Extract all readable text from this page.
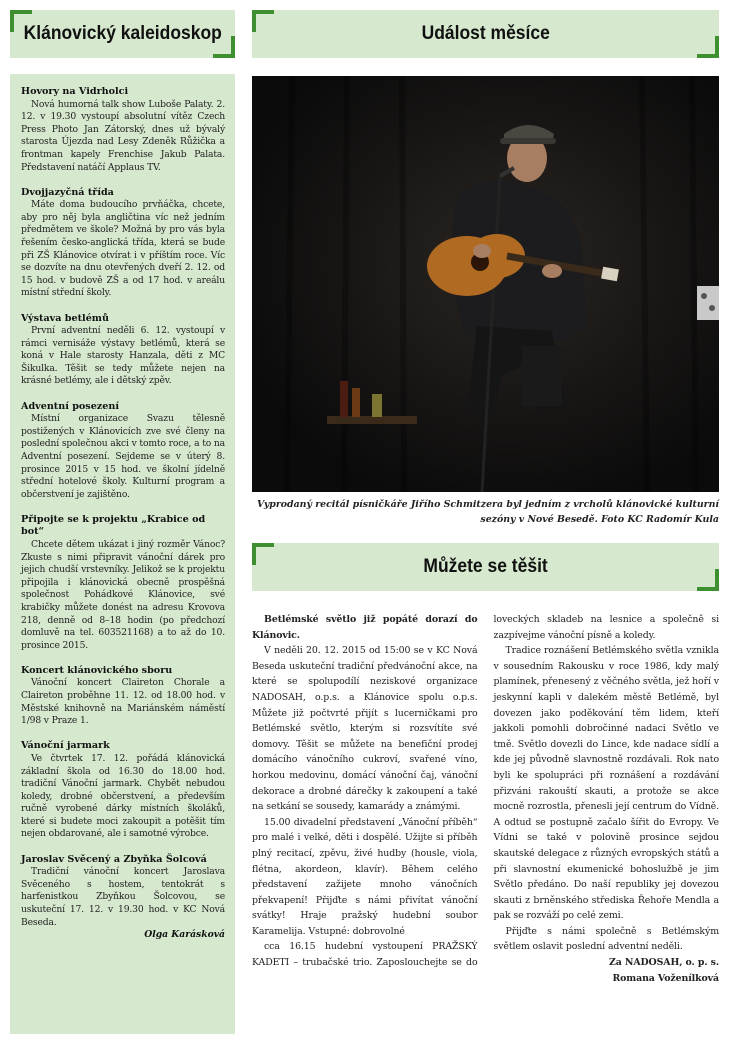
Klánovický kaleidoskop	Událost měsíce
Můžete se těšit
Hovory na Vidrholci

Nová humorná talk show Luboše Palaty. 2. 12. v 19.30 vystoupí absolutní vítěz Czech Press Photo Jan Zátorský, dnes už bývalý starosta Újezda nad Lesy Zdeněk Růžička a frontman kapely Frenchise Jakub Palata. Představení natáčí Applaus TV.

Dvojjazyčná třída

Máte doma budoucího prvňáčka, chcete, aby pro něj byla angličtina víc než jedním předmětem ve škole? Možná by pro vás byla řešením česko-anglická třída, která se bude při ZŠ Klánovice otvírat i v příštím roce. Víc se dozvíte na dnu otevřených dveří 2. 12. od 15 hod. v budově ZŠ a od 17 hod. v areálu místní střední školy.

Výstava betlémů

První adventní neděli 6. 12. vystoupí v rámci vernisáže výstavy betlémů, která se koná v Hale starosty Hanzala, děti z MC Šikulka. Těšit se tedy můžete nejen na krásné betlémy, ale i dětský zpěv.

Adventní posezení

Místní organizace Svazu tělesně postižených v Klánovicích zve své členy na poslední společnou akci v tomto roce, a to na Adventní posezení. Sejdeme se v úterý 8. prosince 2015 v 15 hod. ve školní jídelně střední hotelové školy. Kulturní program a občerstvení je zajištěno.

Připojte se k projektu „Krabice od bot“

Chcete dětem ukázat i jiný rozměr Vánoc? Zkuste s nimi připravit vánoční dárek pro jejich chudší vrstevníky. Jelikož se k projektu připojila i klánovická obecně prospěšná společnost Pohádkové Klánovice, své krabičky můžete donést na adresu Krovova 218, denně od 8–18 hodin (po předchozí domluvě na tel. 603521168) a to až do 10. prosince 2015.

Koncert klánovického sboru

Vánoční koncert Claireton Chorale a Claireton proběhne 11. 12. od 18.00 hod. v Městské knihovně na Mariánském náměstí 1/98 v Praze 1.

Vánoční jarmark

Ve čtvrtek 17. 12. pořádá klánovická základní škola od 16.30 do 18.00 hod. tradiční Vánoční jarmark. Chybět nebudou koledy, drobné občerstvení, a především ručně vyrobené dárky místních školáků, které si budete moci zakoupit a potěšit tím nejen obdarované, ale i samotné výrobce.

Jaroslav Svěcený a Zbyňka Šolcová

Tradiční vánoční koncert Jaroslava Svěceného s hostem, tentokrát s harfenistkou Zbyňkou Šolcovou, se uskuteční 17. 12. v 19.30 hod. v KC Nová Beseda.

Olga Karásková
Vyprodaný recitál písničkáře Jiřího Schmitzera byl jedním z vrcholů klánovické kulturní sezóny v Nové Besedě. Foto KC Radomír Kula

Betlémské světlo již popáté dorazí do Klánovic.

V neděli 20. 12. 2015 od 15:00 se v KC Nová Beseda uskuteční tradiční předvánoční akce, na které se spolupodílí neziskové organizace NADOSAH, o.p.s. a Klánovice spolu o.p.s. Můžete již počtvrté přijít s lucerničkami pro Betlémské světlo, kterým si rozsvítíte své domovy. Těšit se můžete na benefiční prodej domácího vánočního cukroví, svařené víno, horkou medovinu, domácí vánoční čaj, vánoční dekorace a drobné dárečky k zakoupení a také na setkání se sousedy, kamarády a známými.

15.00 divadelní představení „Vánoční příběh“ pro malé i velké, děti i dospělé. Užijte si příběh plný recitací, zpěvu, živé hudby (housle, viola, flétna, akordeon, klavír). Během celého představení zažijete mnoho vánočních překvapení! Přijďte s námi přivítat vánoční svátky! Hraje pražský hudební soubor Karamelija. Vstupné: dobrovolné

cca 16.15 hudební vystoupení PRAŽSKÝ KADETI – trubačské trio. Zaposlouchejte se do loveckých skladeb na lesnice a společně si zazpívejme vánoční písně a koledy.

Tradice roznášení Betlémského světla vznikla v sousedním Rakousku v roce 1986, kdy malý plamínek, přenesený z věčného světla, jež hoří v jeskynní kapli v dalekém městě Betlémě, byl dovezen jako poděkování těm lidem, kteří jakkoli pomohli dobročinné nadaci Světlo ve tmě. Světlo dovezli do Lince, kde nadace sídlí a kde jej původně slavnostně rozdávali. Rok nato byli ke spolupráci při roznášení a rozdávání přizváni rakouští skauti, a protože se akce mocně rozrostla, přenesli její centrum do Vídně. A odtud se postupně začalo šířit do Evropy. Ve Vídni se také v polovině prosince sejdou skautské delegace z různých evropských států a při slavnostní ekumenické bohoslužbě je jim Světlo předáno. Do naší republiky jej dovezou skauti z brněnského střediska Řehoře Mendla a pak se rozváží po celé zemi.

Přijďte s námi společně s Betlémským světlem oslavit poslední adventní neděli.

Za NADOSAH, o. p. s.

Romana Voženílková
